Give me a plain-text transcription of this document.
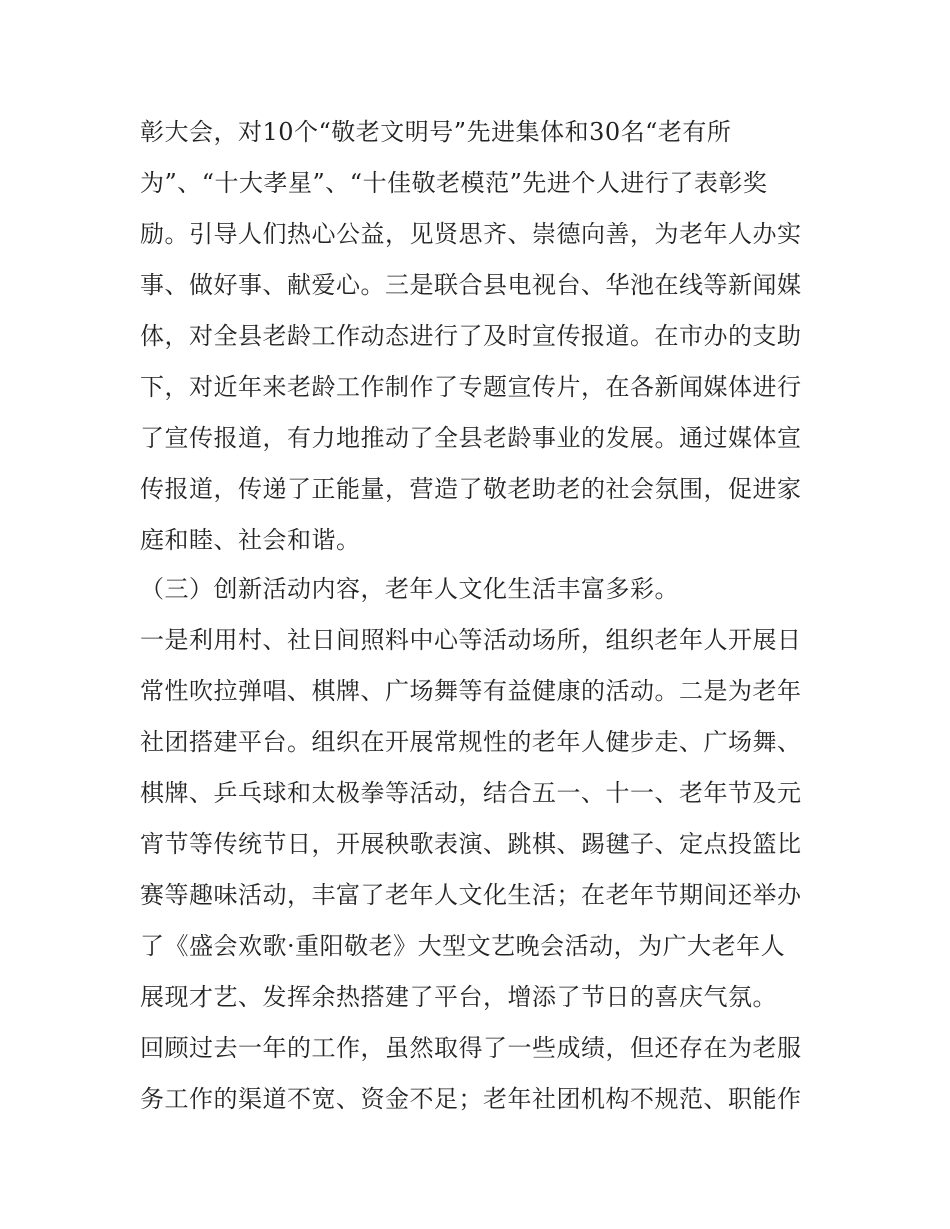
彰大会，对10个“敬老文明号”先进集体和30名“老有所
为”、“十大孝星”、“十佳敬老模范”先进个人进行了表彰奖
励。引导人们热心公益，见贤思齐、崇德向善，为老年人办实
事、做好事、献爱心。三是联合县电视台、华池在线等新闻媒
体，对全县老龄工作动态进行了及时宣传报道。在市办的支助
下，对近年来老龄工作制作了专题宣传片，在各新闻媒体进行
了宣传报道，有力地推动了全县老龄事业的发展。通过媒体宣
传报道，传递了正能量，营造了敬老助老的社会氛围，促进家
庭和睦、社会和谐。
（三）创新活动内容，老年人文化生活丰富多彩。
一是利用村、社日间照料中心等活动场所，组织老年人开展日
常性吹拉弹唱、棋牌、广场舞等有益健康的活动。二是为老年
社团搭建平台。组织在开展常规性的老年人健步走、广场舞、
棋牌、乒乓球和太极拳等活动，结合五一、十一、老年节及元
宵节等传统节日，开展秧歌表演、跳棋、踢毽子、定点投篮比
赛等趣味活动，丰富了老年人文化生活；在老年节期间还举办
了《盛会欢歌·重阳敬老》大型文艺晚会活动，为广大老年人
展现才艺、发挥余热搭建了平台，增添了节日的喜庆气氛。
回顾过去一年的工作，虽然取得了一些成绩，但还存在为老服
务工作的渠道不宽、资金不足；老年社团机构不规范、职能作
